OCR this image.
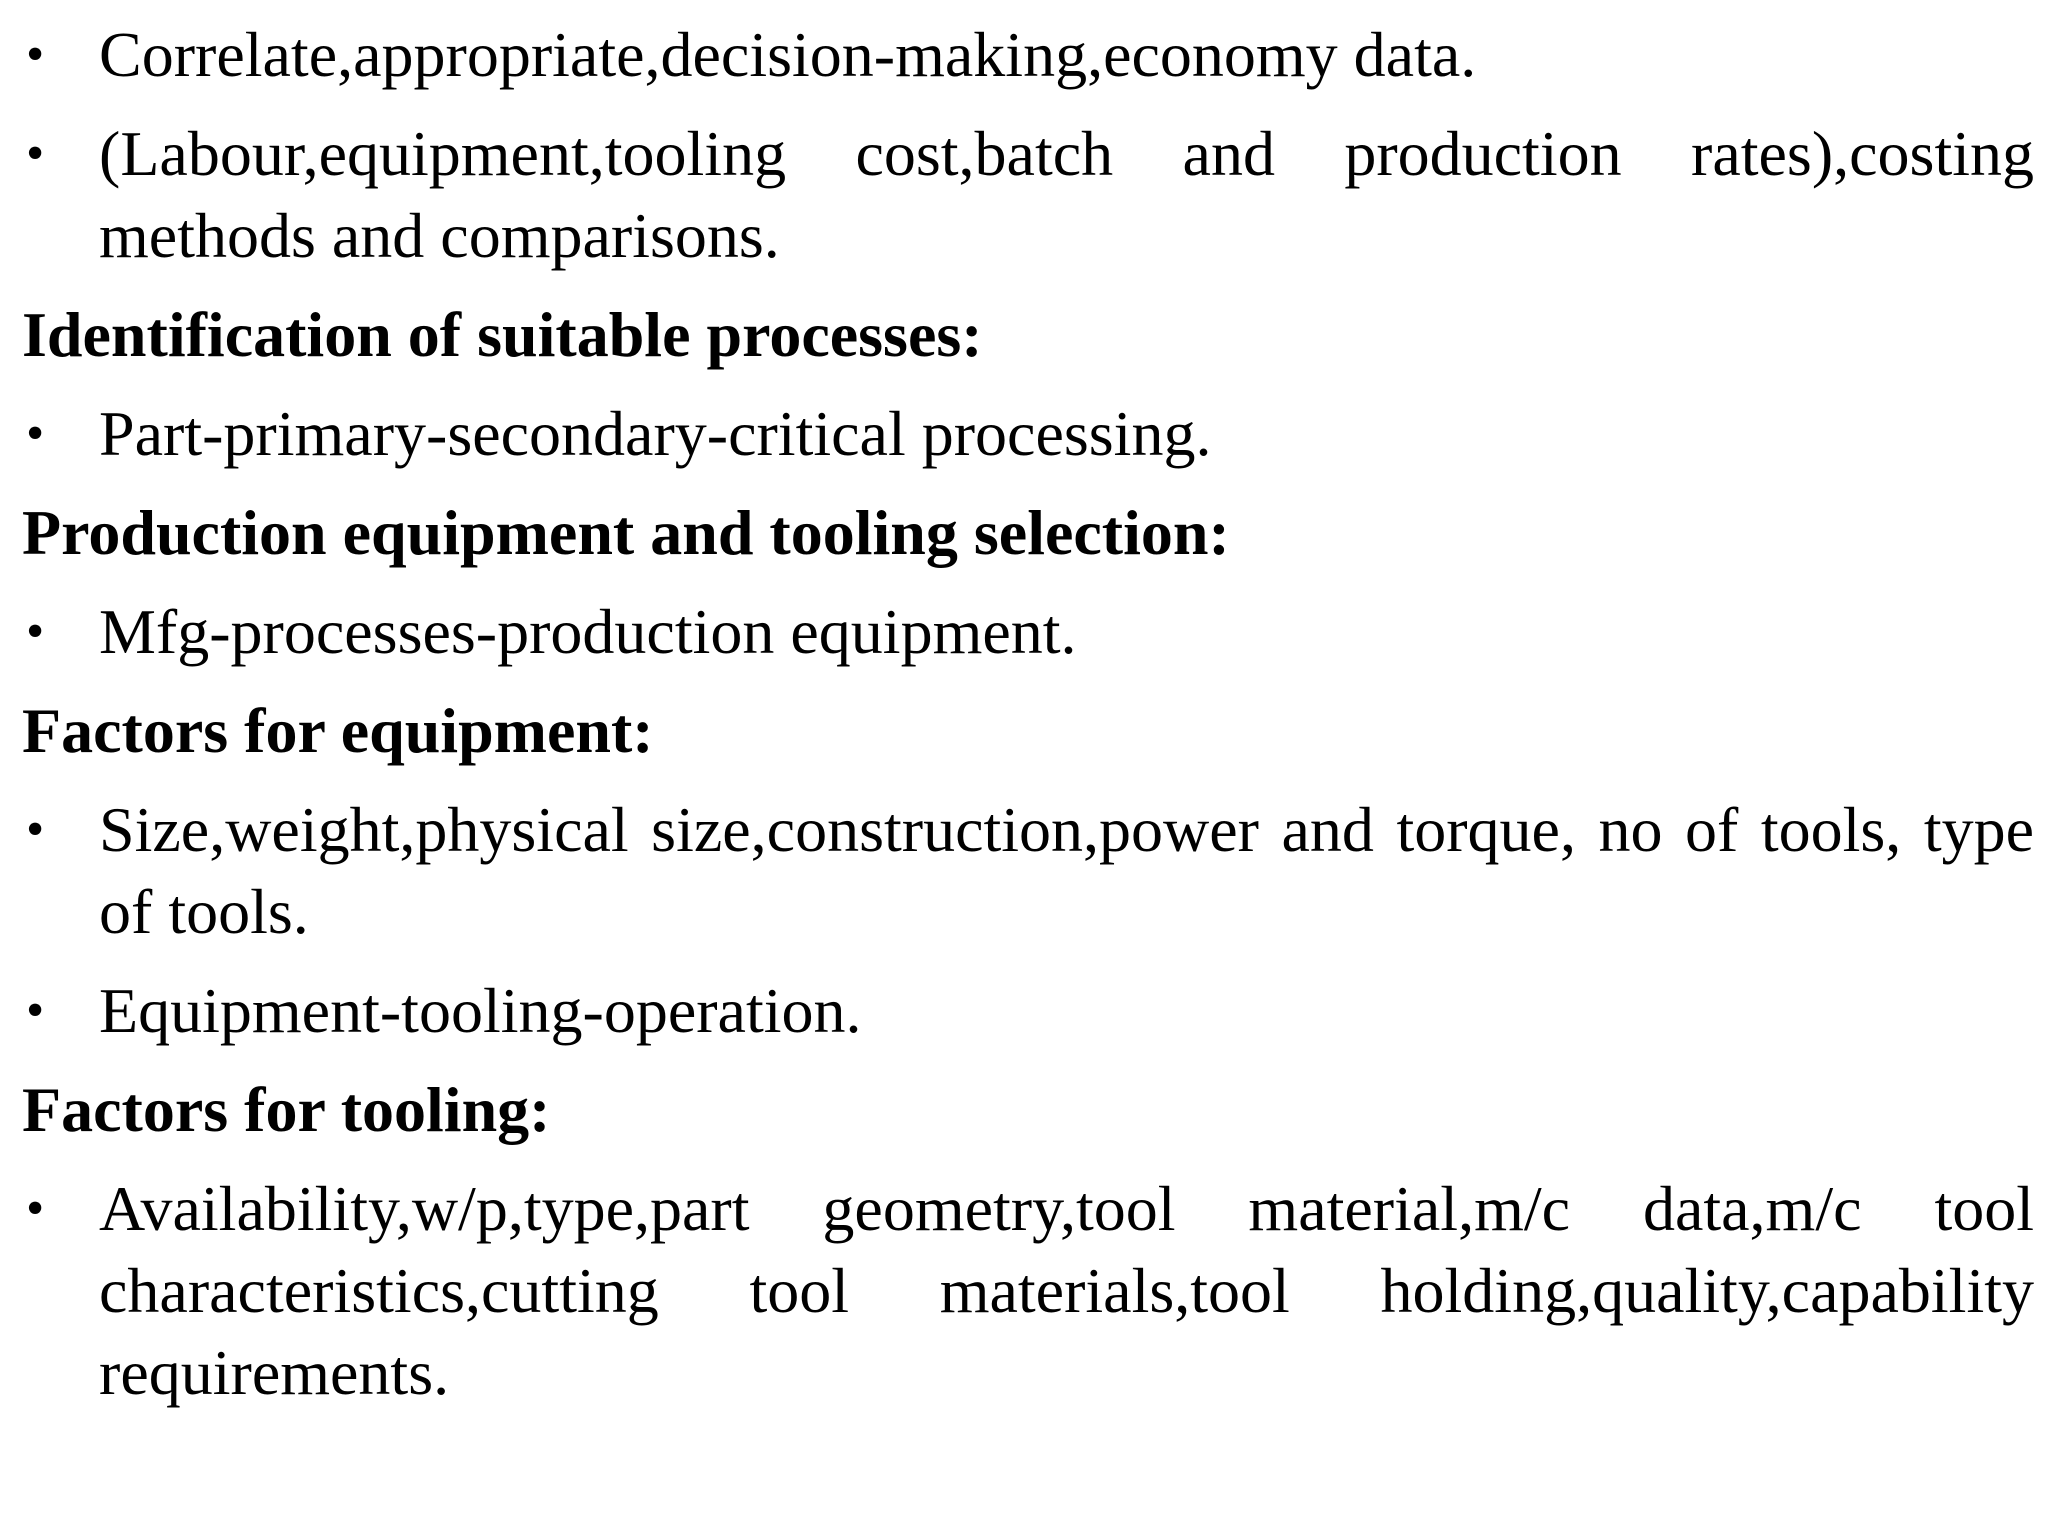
• Correlate,appropriate,decision-making,economy data.
• (Labour,equipment,tooling cost,batch and production rates),costing methods and comparisons.
Identification of suitable processes:
• Part-primary-secondary-critical processing.
Production equipment and tooling selection:
• Mfg-processes-production equipment.
Factors for equipment:
• Size,weight,physical size,construction,power and torque, no of tools, type of tools.
• Equipment-tooling-operation.
Factors for tooling:
• Availability,w/p,type,part geometry,tool material,m/c data,m/c tool characteristics,cutting tool materials,tool holding,quality,capability requirements.
